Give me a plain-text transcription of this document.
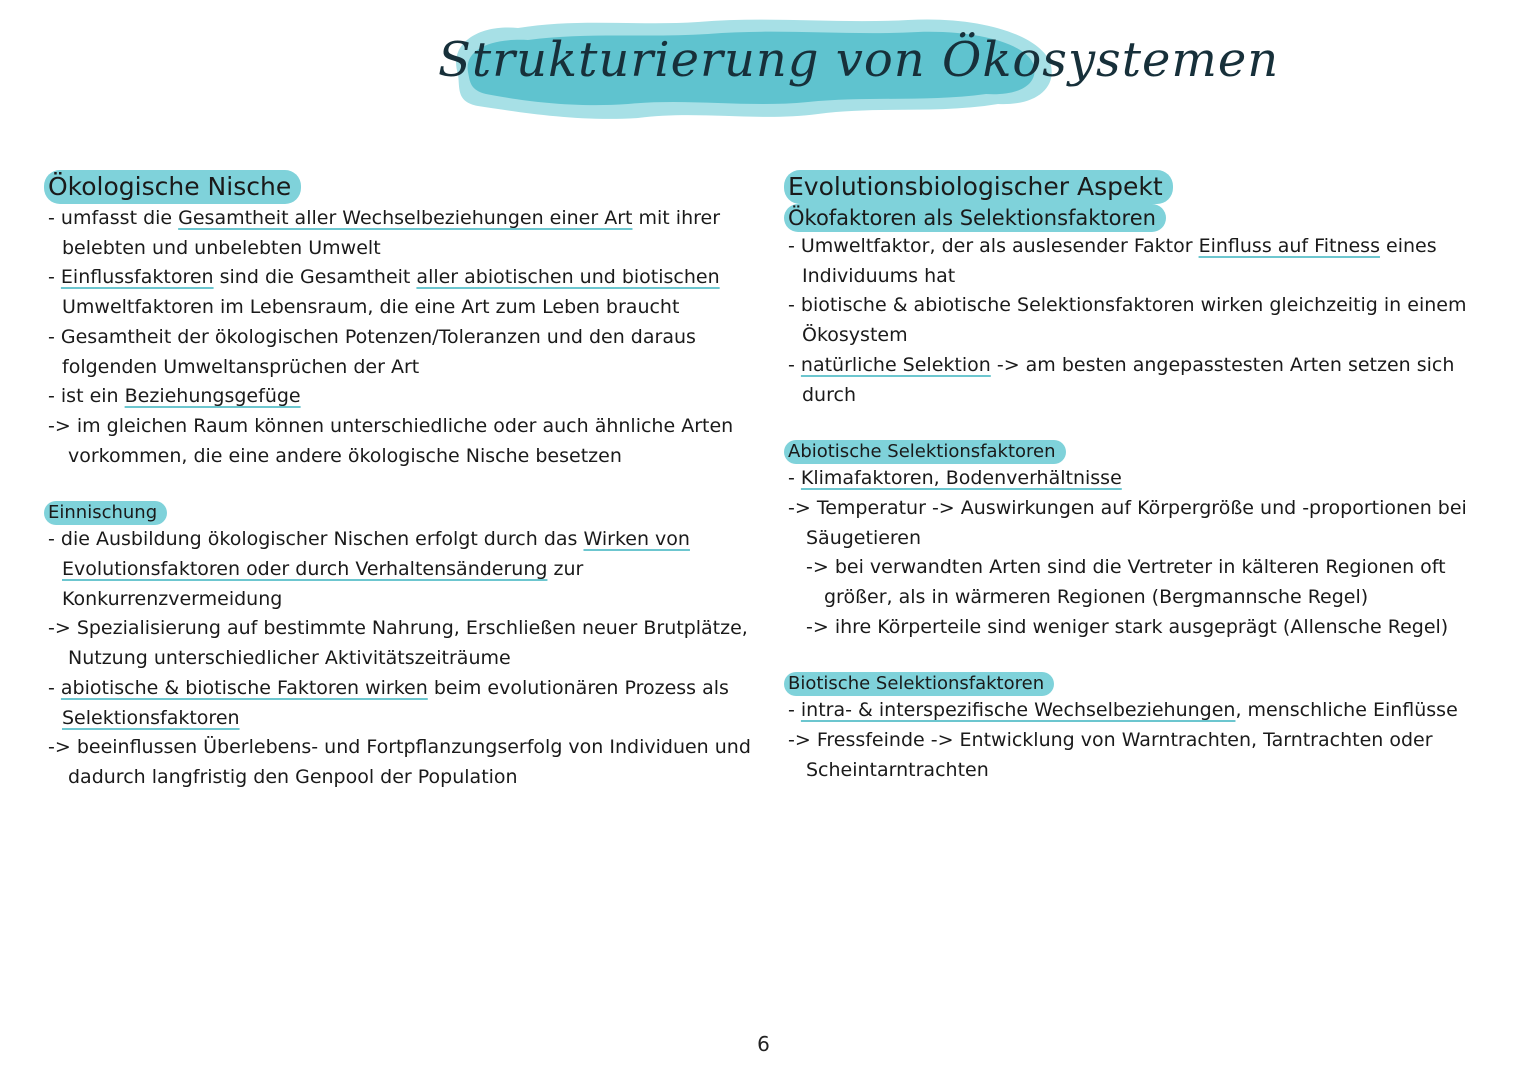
Strukturierung von Ökosystemen
Ökologische Nische
- umfasst die Gesamtheit aller Wechselbeziehungen einer Art mit ihrer
belebten und unbelebten Umwelt
- Einflussfaktoren sind die Gesamtheit aller abiotischen und biotischen
Umweltfaktoren im Lebensraum, die eine Art zum Leben braucht
- Gesamtheit der ökologischen Potenzen/Toleranzen und den daraus
folgenden Umweltansprüchen der Art
- ist ein Beziehungsgefüge
-> im gleichen Raum können unterschiedliche oder auch ähnliche Arten
vorkommen, die eine andere ökologische Nische besetzen
Einnischung
- die Ausbildung ökologischer Nischen erfolgt durch das Wirken von
Evolutionsfaktoren oder durch Verhaltensänderung zur
Konkurrenzvermeidung
-> Spezialisierung auf bestimmte Nahrung, Erschließen neuer Brutplätze,
Nutzung unterschiedlicher Aktivitätszeiträume
- abiotische & biotische Faktoren wirken beim evolutionären Prozess als
Selektionsfaktoren
-> beeinflussen Überlebens- und Fortpflanzungserfolg von Individuen und
dadurch langfristig den Genpool der Population
Evolutionsbiologischer Aspekt
Ökofaktoren als Selektionsfaktoren
- Umweltfaktor, der als auslesender Faktor Einfluss auf Fitness eines
Individuums hat
- biotische & abiotische Selektionsfaktoren wirken gleichzeitig in einem
Ökosystem
- natürliche Selektion -> am besten angepasstesten Arten setzen sich
durch
Abiotische Selektionsfaktoren
- Klimafaktoren, Bodenverhältnisse
-> Temperatur -> Auswirkungen auf Körpergröße und -proportionen bei
Säugetieren
-> bei verwandten Arten sind die Vertreter in kälteren Regionen oft
größer, als in wärmeren Regionen (Bergmannsche Regel)
-> ihre Körperteile sind weniger stark ausgeprägt (Allensche Regel)
Biotische Selektionsfaktoren
- intra- & interspezifische Wechselbeziehungen, menschliche Einflüsse
-> Fressfeinde -> Entwicklung von Warntrachten, Tarntrachten oder
Scheintarntrachten
6
